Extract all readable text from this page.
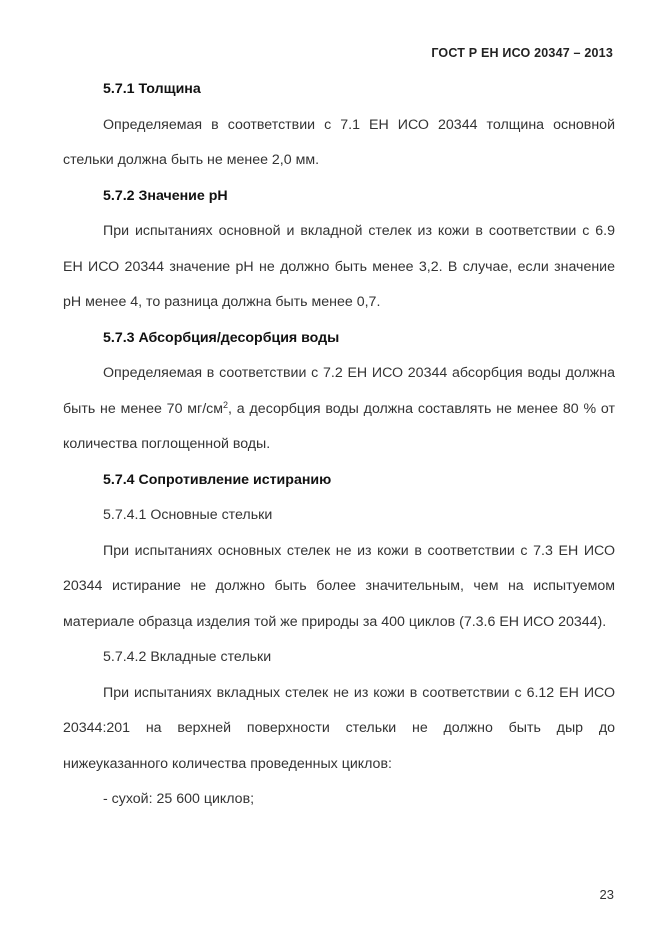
ГОСТ Р ЕН ИСО 20347 – 2013

5.7.1 Толщина

Определяемая в соответствии с 7.1 ЕН ИСО 20344 толщина основной стельки должна быть не менее 2,0 мм.

5.7.2 Значение рН

При испытаниях основной и вкладной стелек из кожи в соответствии с 6.9 ЕН ИСО 20344 значение рН не должно быть менее 3,2. В случае, если значение рН менее 4, то разница должна быть менее 0,7.

5.7.3 Абсорбция/десорбция воды

Определяемая в соответствии с 7.2 ЕН ИСО 20344 абсорбция воды должна быть не менее 70 $мг/см^2$, а десорбция воды должна составлять не менее 80 % от количества поглощенной воды.

5.7.4 Сопротивление истиранию

5.7.4.1 Основные стельки

При испытаниях основных стелек не из кожи в соответствии с 7.3 ЕН ИСО 20344 истирание не должно быть более значительным, чем на испытуемом материале образца изделия той же природы за 400 циклов (7.3.6 ЕН ИСО 20344).

5.7.4.2 Вкладные стельки

При испытаниях вкладных стелек не из кожи в соответствии с 6.12 ЕН ИСО 20344:201 на верхней поверхности стельки не должно быть дыр до нижеуказанного количества проведенных циклов:

- сухой: 25 600 циклов;

23
